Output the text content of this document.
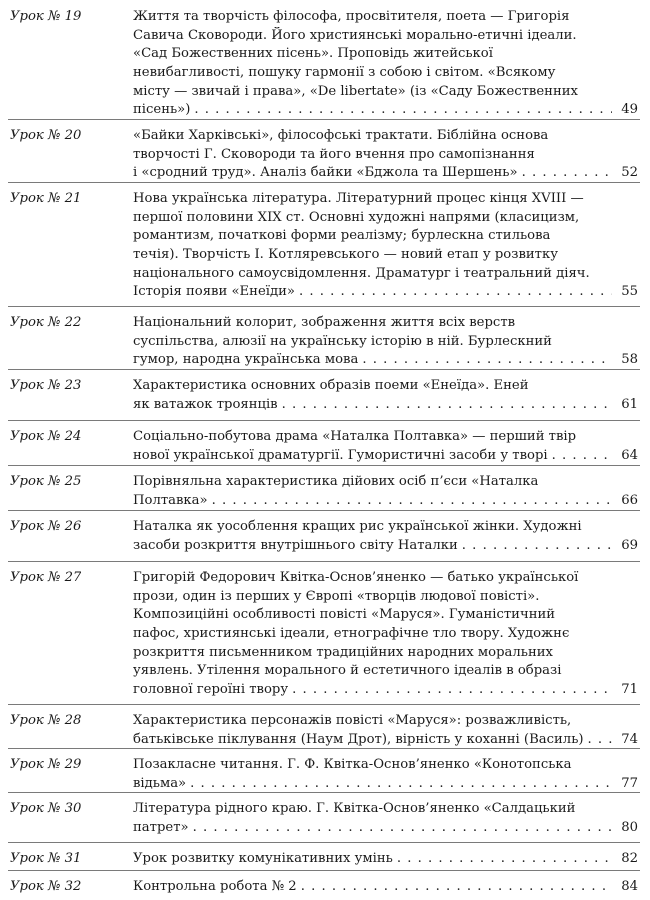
Урок № 19	Життя та творчість філософа, просвітителя, поета — Григорія
Савича Сковороди. Його християнські морально-етичні ідеали.
«Сад Божественних пісень». Проповідь житейської
невибагливості, пошуку гармонії з собою і світом. «Всякому
місту — звичай і права», «De libertate» (із «Саду Божественних
пісень») . . .	49
Урок № 20	«Байки Харківські», філософські трактати. Біблійна основа
творчості Г. Сковороди та його вчення про самопізнання
і «сродний труд». Аналіз байки «Бджола та Шершень» . . .	52
Урок № 21	Нова українська література. Літературний процес кінця XVIII —
першої половини XIX ст. Основні художні напрями (класицизм,
романтизм, початкові форми реалізму; бурлескна стильова
течія). Творчість І. Котляревського — новий етап у розвитку
національного самоусвідомлення. Драматург і театральний діяч.
Історія появи «Енеїди» . . .	55
Урок № 22	Національний колорит, зображення життя всіх верств
суспільства, алюзії на українську історію в ній. Бурлескний
гумор, народна українська мова . . .	58
Урок № 23	Характеристика основних образів поеми «Енеїда». Еней
як ватажок троянців . . .	61
Урок № 24	Соціально-побутова драма «Наталка Полтавка» — перший твір
нової української драматургії. Гумористичні засоби у творі . . .	64
Урок № 25	Порівняльна характеристика дійових осіб п’єси «Наталка
Полтавка» . . .	66
Урок № 26	Наталка як уособлення кращих рис української жінки. Художні
засоби розкриття внутрішнього світу Наталки . . .	69
Урок № 27	Григорій Федорович Квітка-Основ’яненко — батько української
прози, один із перших у Європі «творців людової повісті».
Композиційні особливості повісті «Маруся». Гуманістичний
пафос, християнські ідеали, етнографічне тло твору. Художнє
розкриття письменником традиційних народних моральних
уявлень. Утілення морального й естетичного ідеалів в образі
головної героїні твору . . .	71
Урок № 28	Характеристика персонажів повісті «Маруся»: розважливість,
батьківське піклування (Наум Дрот), вірність у коханні (Василь) . . .	74
Урок № 29	Позакласне читання. Г. Ф. Квітка-Основ’яненко «Конотопська
відьма» . . .	77
Урок № 30	Література рідного краю. Г. Квітка-Основ’яненко «Салдацький
патрет» . . .	80
Урок № 31	Урок розвитку комунікативних умінь . . .	82
Урок № 32	Контрольна робота № 2 . . .	84
